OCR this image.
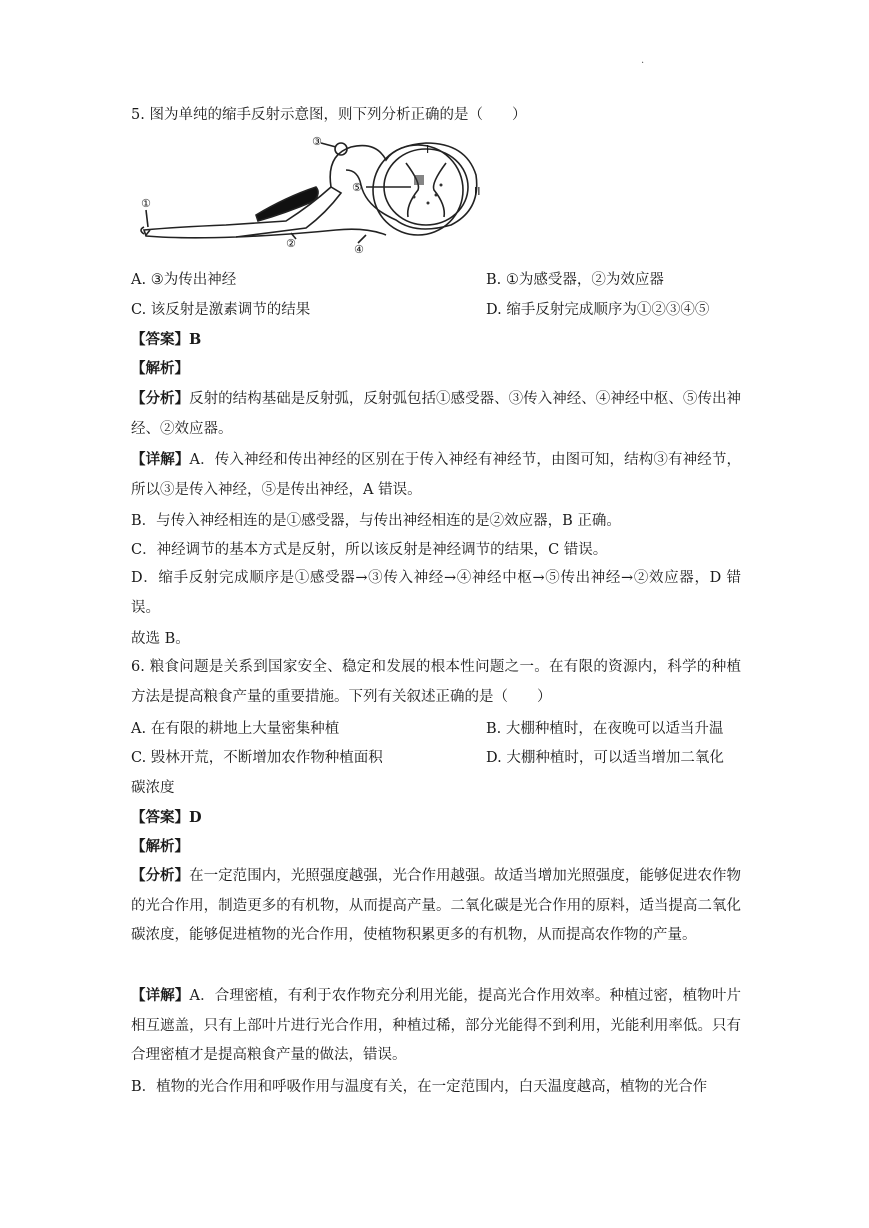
.
5. 图为单纯的缩手反射示意图，则下列分析正确的是（　　）
①
②
③
④
⑤
I
II
A. ③为传出神经	B. ①为感受器，②为效应器
C. 该反射是激素调节的结果	D. 缩手反射完成顺序为①②③④⑤
【答案】B
【解析】
【分析】反射的结构基础是反射弧，反射弧包括①感受器、③传入神经、④神经中枢、⑤传出神经、②效应器。
【详解】A．传入神经和传出神经的区别在于传入神经有神经节，由图可知，结构③有神经节，所以③是传入神经，⑤是传出神经，A 错误。
B．与传入神经相连的是①感受器，与传出神经相连的是②效应器，B 正确。
C．神经调节的基本方式是反射，所以该反射是神经调节的结果，C 错误。
D．缩手反射完成顺序是①感受器→③传入神经→④神经中枢→⑤传出神经→②效应器，D 错误。
故选 B。
6. 粮食问题是关系到国家安全、稳定和发展的根本性问题之一。在有限的资源内，科学的种植方法是提高粮食产量的重要措施。下列有关叙述正确的是（　　）
A. 在有限的耕地上大量密集种植	B. 大棚种植时，在夜晚可以适当升温
C. 毁林开荒，不断增加农作物种植面积	D. 大棚种植时，可以适当增加二氧化
碳浓度
【答案】D
【解析】
【分析】在一定范围内，光照强度越强，光合作用越强。故适当增加光照强度，能够促进农作物的光合作用，制造更多的有机物，从而提高产量。二氧化碳是光合作用的原料，适当提高二氧化碳浓度，能够促进植物的光合作用，使植物积累更多的有机物，从而提高农作物的产量。
【详解】A．合理密植，有利于农作物充分利用光能，提高光合作用效率。种植过密，植物叶片相互遮盖，只有上部叶片进行光合作用，种植过稀，部分光能得不到利用，光能利用率低。只有合理密植才是提高粮食产量的做法，错误。
B．植物的光合作用和呼吸作用与温度有关，在一定范围内，白天温度越高，植物的光合作
